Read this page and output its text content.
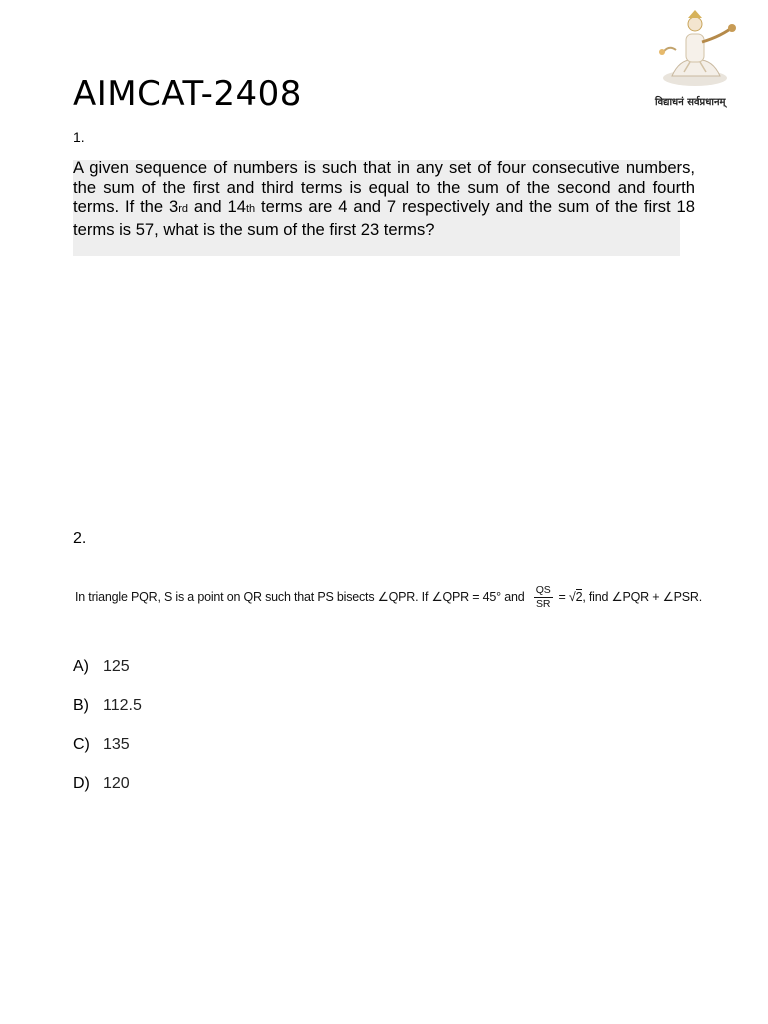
AIMCAT-2408	विद्याधनं सर्वप्रधानम्
1.
A given sequence of numbers is such that in any set of four consecutive numbers, the sum of the first and third terms is equal to the sum of the second and fourth terms. If the 3rd and 14th terms are 4 and 7 respectively and the sum of the first 18 terms is 57, what is the sum of the first 23 terms?
2.
In triangle PQR, S is a point on QR such that PS bisects ∠QPR. If ∠QPR = 45° and $\frac{QS}{SR} = √2$, find ∠PQR + ∠PSR.
A) 125
B) 112.5
C) 135
D) 120
